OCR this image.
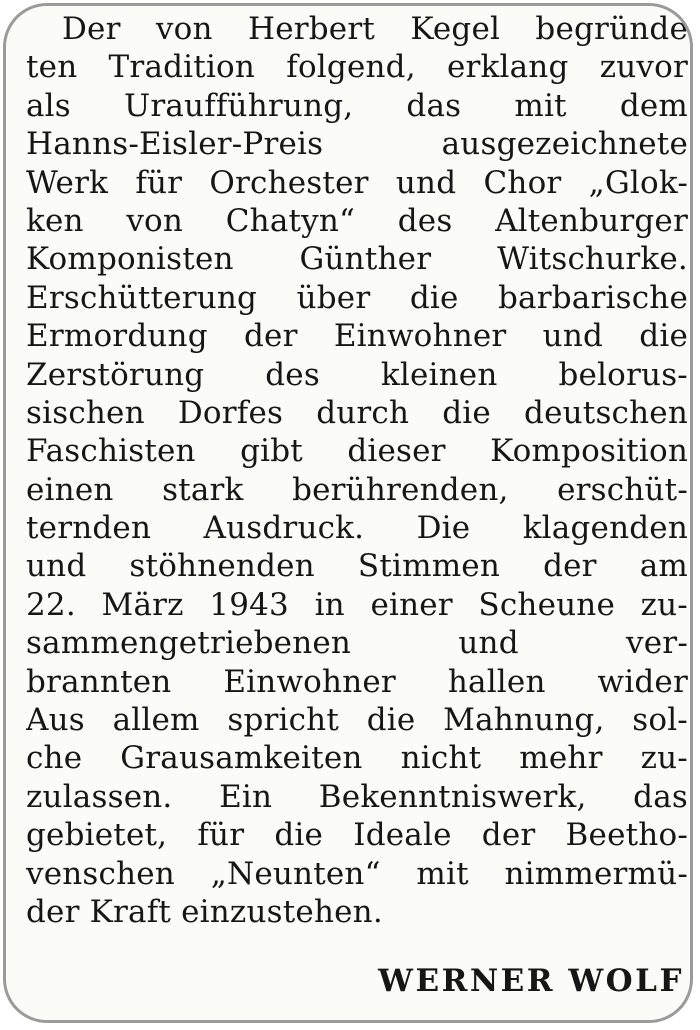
Der von Herbert Kegel begründe
ten Tradition folgend, erklang zuvor
als Uraufführung, das mit dem
Hanns-Eisler-Preis ausgezeichnete
Werk für Orchester und Chor „Glok-
ken von Chatyn“ des Altenburger
Komponisten Günther Witschurke.
Erschütterung über die barbarische
Ermordung der Einwohner und die
Zerstörung des kleinen belorus-
sischen Dorfes durch die deutschen
Faschisten gibt dieser Komposition
einen stark berührenden, erschüt-
ternden Ausdruck. Die klagenden
und stöhnenden Stimmen der am
22. März 1943 in einer Scheune zu-
sammengetriebenen und ver-
brannten Einwohner hallen wider
Aus allem spricht die Mahnung, sol-
che Grausamkeiten nicht mehr zu-
zulassen. Ein Bekenntniswerk, das
gebietet, für die Ideale der Beetho-
venschen „Neunten“ mit nimmermü-
der Kraft einzustehen.
WERNER WOLF
